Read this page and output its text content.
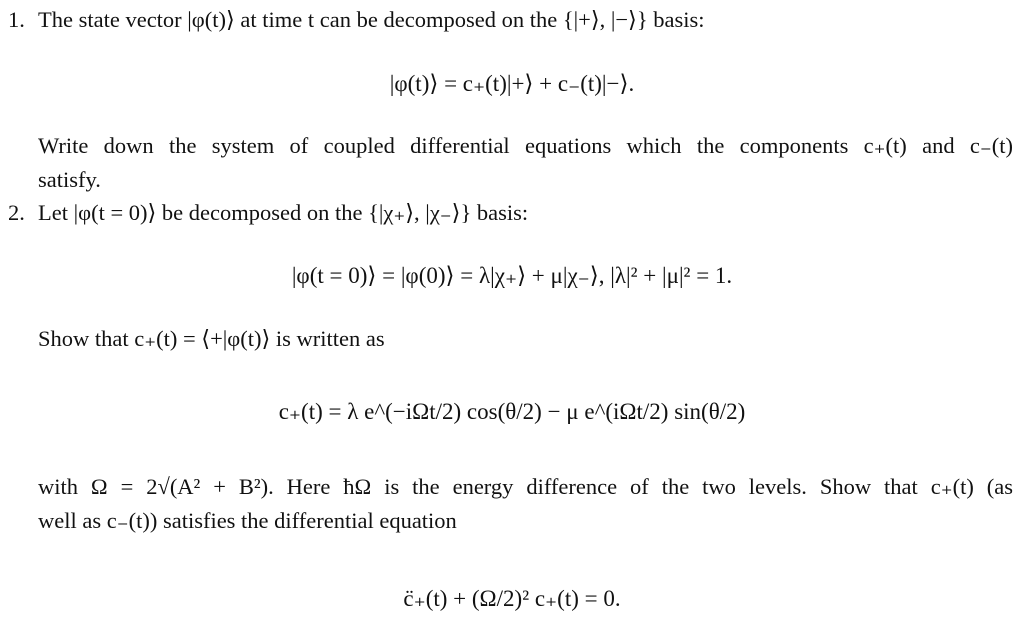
1. The state vector |φ(t)⟩ at time t can be decomposed on the {|+⟩, |−⟩} basis:
|φ(t)⟩ = c₊(t)|+⟩ + c₋(t)|−⟩.
Write down the system of coupled differential equations which the components c₊(t) and c₋(t)
satisfy.
2. Let |φ(t = 0)⟩ be decomposed on the {|χ₊⟩, |χ₋⟩} basis:
|φ(t = 0)⟩ = |φ(0)⟩ = λ|χ₊⟩ + μ|χ₋⟩, |λ|² + |μ|² = 1.
Show that c₊(t) = ⟨+|φ(t)⟩ is written as
c₊(t) = λ e^(−iΩt/2) cos(θ/2) − μ e^(iΩt/2) sin(θ/2)
with Ω = 2√(A² + B²). Here ħΩ is the energy difference of the two levels. Show that c₊(t) (as
well as c₋(t)) satisfies the differential equation
c̈₊(t) + (Ω/2)² c₊(t) = 0.
